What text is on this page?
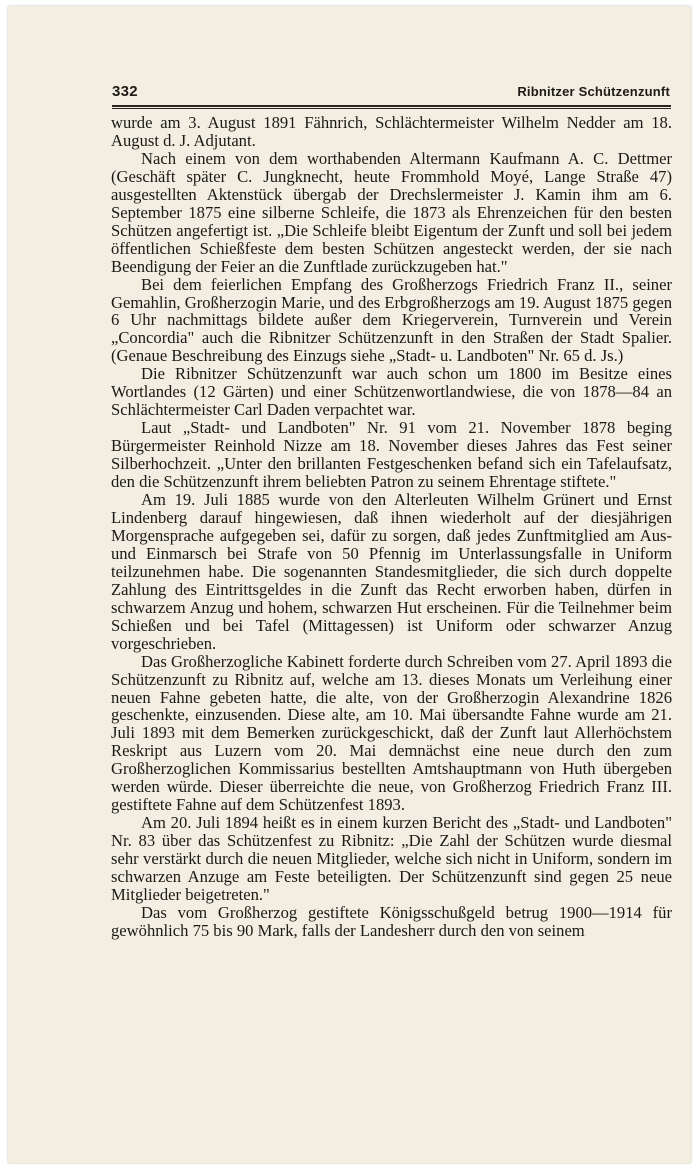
332	Ribnitzer Schützenzunft

wurde am 3. August 1891 Fähnrich, Schlächtermeister Wilhelm Nedder am 18. August d. J. Adjutant.

Nach einem von dem worthabenden Altermann Kaufmann A. C. Dettmer (Geschäft später C. Jungknecht, heute Frommhold Moyé, Lange Straße 47) ausgestellten Aktenstück übergab der Drechslermeister J. Kamin ihm am 6. September 1875 eine silberne Schleife, die 1873 als Ehrenzeichen für den besten Schützen angefertigt ist. „Die Schleife bleibt Eigentum der Zunft und soll bei jedem öffentlichen Schießfeste dem besten Schützen angesteckt werden, der sie nach Beendigung der Feier an die Zunftlade zurückzugeben hat."

Bei dem feierlichen Empfang des Großherzogs Friedrich Franz II., seiner Gemahlin, Großherzogin Marie, und des Erbgroßherzogs am 19. August 1875 gegen 6 Uhr nachmittags bildete außer dem Kriegerverein, Turnverein und Verein „Concordia" auch die Ribnitzer Schützenzunft in den Straßen der Stadt Spalier. (Genaue Beschreibung des Einzugs siehe „Stadt- u. Landboten" Nr. 65 d. Js.)

Die Ribnitzer Schützenzunft war auch schon um 1800 im Besitze eines Wortlandes (12 Gärten) und einer Schützenwortlandwiese, die von 1878—84 an Schlächtermeister Carl Daden verpachtet war.

Laut „Stadt- und Landboten" Nr. 91 vom 21. November 1878 beging Bürgermeister Reinhold Nizze am 18. November dieses Jahres das Fest seiner Silberhochzeit. „Unter den brillanten Festgeschenken befand sich ein Tafelaufsatz, den die Schützenzunft ihrem beliebten Patron zu seinem Ehrentage stiftete."

Am 19. Juli 1885 wurde von den Alterleuten Wilhelm Grünert und Ernst Lindenberg darauf hingewiesen, daß ihnen wiederholt auf der diesjährigen Morgensprache aufgegeben sei, dafür zu sorgen, daß jedes Zunftmitglied am Aus- und Einmarsch bei Strafe von 50 Pfennig im Unterlassungsfalle in Uniform teilzunehmen habe. Die sogenannten Standesmitglieder, die sich durch doppelte Zahlung des Eintrittsgeldes in die Zunft das Recht erworben haben, dürfen in schwarzem Anzug und hohem, schwarzen Hut erscheinen. Für die Teilnehmer beim Schießen und bei Tafel (Mittagessen) ist Uniform oder schwarzer Anzug vorgeschrieben.

Das Großherzogliche Kabinett forderte durch Schreiben vom 27. April 1893 die Schützenzunft zu Ribnitz auf, welche am 13. dieses Monats um Verleihung einer neuen Fahne gebeten hatte, die alte, von der Großherzogin Alexandrine 1826 geschenkte, einzusenden. Diese alte, am 10. Mai übersandte Fahne wurde am 21. Juli 1893 mit dem Bemerken zurückgeschickt, daß der Zunft laut Allerhöchstem Reskript aus Luzern vom 20. Mai demnächst eine neue durch den zum Großherzoglichen Kommissarius bestellten Amtshauptmann von Huth übergeben werden würde. Dieser überreichte die neue, von Großherzog Friedrich Franz III. gestiftete Fahne auf dem Schützenfest 1893.

Am 20. Juli 1894 heißt es in einem kurzen Bericht des „Stadt- und Landboten" Nr. 83 über das Schützenfest zu Ribnitz: „Die Zahl der Schützen wurde diesmal sehr verstärkt durch die neuen Mitglieder, welche sich nicht in Uniform, sondern im schwarzen Anzuge am Feste beteiligten. Der Schützenzunft sind gegen 25 neue Mitglieder beigetreten."

Das vom Großherzog gestiftete Königsschußgeld betrug 1900—1914 für gewöhnlich 75 bis 90 Mark, falls der Landesherr durch den von seinem
